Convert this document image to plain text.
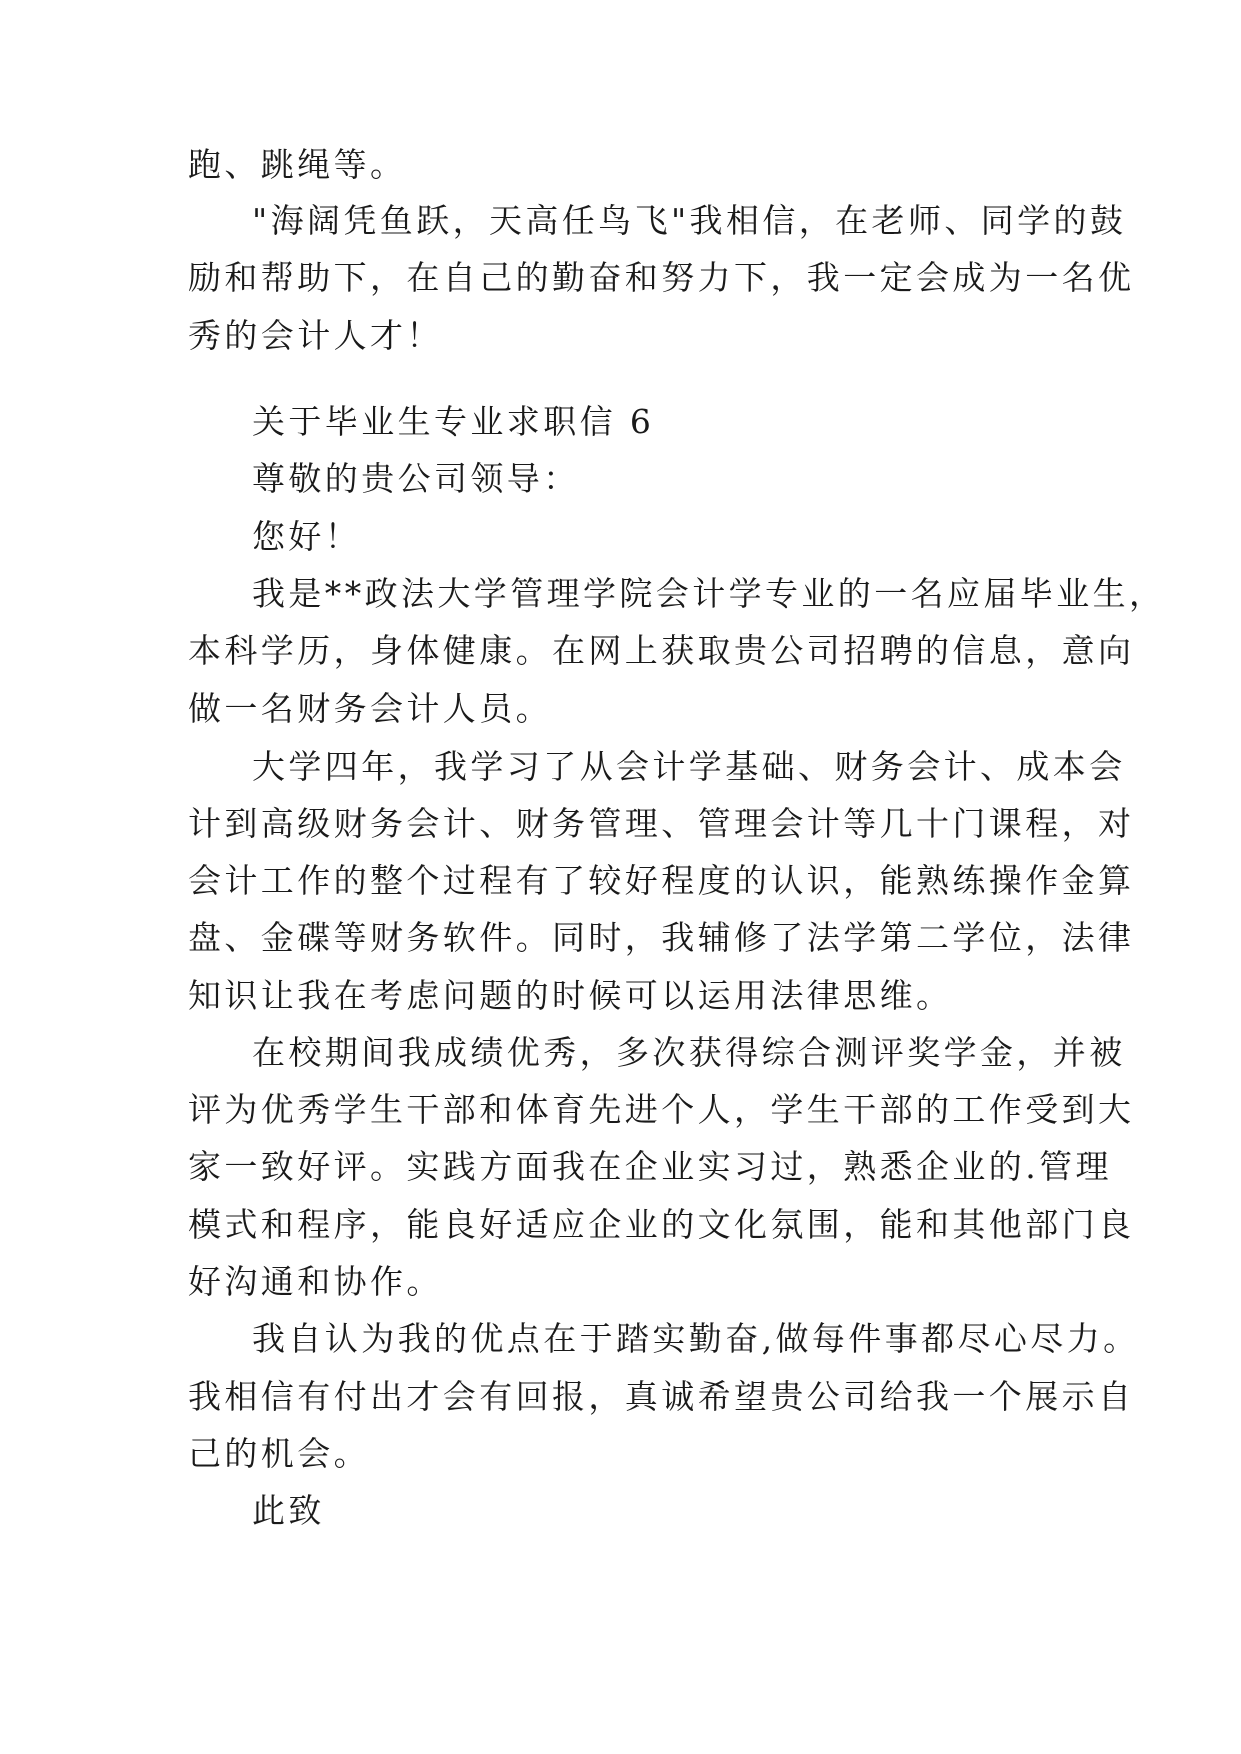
跑、跳绳等。
"海阔凭鱼跃，天高任鸟飞"我相信，在老师、同学的鼓
励和帮助下，在自己的勤奋和努力下，我一定会成为一名优
秀的会计人才！
关于毕业生专业求职信 6
尊敬的贵公司领导：
您好！
我是**政法大学管理学院会计学专业的一名应届毕业生，
本科学历，身体健康。在网上获取贵公司招聘的信息，意向
做一名财务会计人员。
大学四年，我学习了从会计学基础、财务会计、成本会
计到高级财务会计、财务管理、管理会计等几十门课程，对
会计工作的整个过程有了较好程度的认识，能熟练操作金算
盘、金碟等财务软件。同时，我辅修了法学第二学位，法律
知识让我在考虑问题的时候可以运用法律思维。
在校期间我成绩优秀，多次获得综合测评奖学金，并被
评为优秀学生干部和体育先进个人，学生干部的工作受到大
家一致好评。实践方面我在企业实习过，熟悉企业的.管理
模式和程序，能良好适应企业的文化氛围，能和其他部门良
好沟通和协作。
我自认为我的优点在于踏实勤奋,做每件事都尽心尽力。
我相信有付出才会有回报，真诚希望贵公司给我一个展示自
己的机会。
此致
